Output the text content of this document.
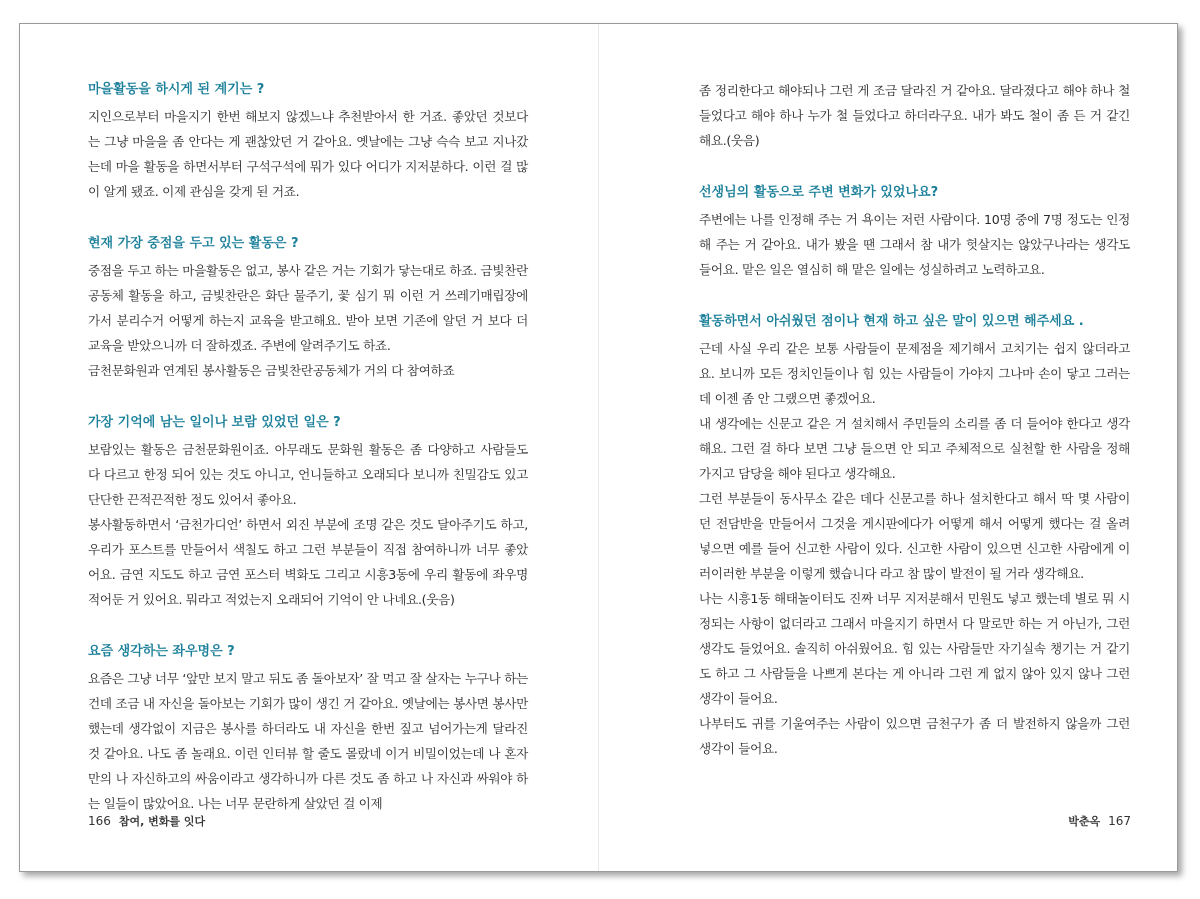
마을활동을 하시게 된 계기는 ?

지인으로부터 마을지기 한번 해보지 않겠느냐 추천받아서 한 거죠. 좋았던 것보다는 그냥 마을을 좀 안다는 게 괜찮았던 거 같아요. 옛날에는 그냥 슥슥 보고 지나갔는데 마을 활동을 하면서부터 구석구석에 뭐가 있다 어디가 지저분하다. 이런 걸 많이 알게 됐죠. 이제 관심을 갖게 된 거죠.

현재 가장 중점을 두고 있는 활동은 ?

중점을 두고 하는 마을활동은 없고, 봉사 같은 거는 기회가 닿는대로 하죠. 금빛찬란 공동체 활동을 하고, 금빛찬란은 화단 물주기, 꽃 심기 뭐 이런 거 쓰레기매립장에 가서 분리수거 어떻게 하는지 교육을 받고해요. 받아 보면 기존에 알던 거 보다 더 교육을 받았으니까 더 잘하겠죠. 주변에 알려주기도 하죠.

금천문화원과 연계된 봉사활동은 금빛찬란공동체가 거의 다 참여하죠

가장 기억에 남는 일이나 보람 있었던 일은 ?

보람있는 활동은 금천문화원이죠. 아무래도 문화원 활동은 좀 다양하고 사람들도 다 다르고 한정 되어 있는 것도 아니고, 언니들하고 오래되다 보니까 친밀감도 있고 단단한 끈적끈적한 정도 있어서 좋아요.

봉사활동하면서 ‘금천가디언’ 하면서 외진 부분에 조명 같은 것도 달아주기도 하고, 우리가 포스트를 만들어서 색칠도 하고 그런 부분들이 직접 참여하니까 너무 좋았어요. 금연 지도도 하고 금연 포스터 벽화도 그리고 시흥3동에 우리 활동에 좌우명 적어둔 거 있어요. 뭐라고 적었는지 오래되어 기억이 안 나네요.(웃음)

요즘 생각하는 좌우명은 ?

요즘은 그냥 너무 ‘앞만 보지 말고 뒤도 좀 돌아보자’ 잘 먹고 잘 살자는 누구나 하는 건데 조금 내 자신을 돌아보는 기회가 많이 생긴 거 같아요. 옛날에는 봉사면 봉사만 했는데 생각없이 지금은 봉사를 하더라도 내 자신을 한번 짚고 넘어가는게 달라진 것 같아요. 나도 좀 놀래요. 이런 인터뷰 할 줄도 몰랐네 이거 비밀이었는데 나 혼자만의 나 자신하고의 싸움이라고 생각하니까 다른 것도 좀 하고 나 자신과 싸워야 하는 일들이 많았어요. 나는 너무 문란하게 살았던 걸 이제

166 참여, 변화를 잇다

좀 정리한다고 해야되나 그런 게 조금 달라진 거 같아요. 달라졌다고 해야 하나 철 들었다고 해야 하나 누가 철 들었다고 하더라구요. 내가 봐도 철이 좀 든 거 같긴 해요.(웃음)

선생님의 활동으로 주변 변화가 있었나요?

주변에는 나를 인정해 주는 거 욕이는 저런 사람이다. 10명 중에 7명 정도는 인정해 주는 거 같아요. 내가 봤을 땐 그래서 참 내가 헛살지는 않았구나라는 생각도 들어요. 맡은 일은 열심히 해 맡은 일에는 성실하려고 노력하고요.

활동하면서 아쉬웠던 점이나 현재 하고 싶은 말이 있으면 해주세요 .

근데 사실 우리 같은 보통 사람들이 문제점을 제기해서 고치기는 쉽지 않더라고요. 보니까 모든 정치인들이나 힘 있는 사람들이 가야지 그나마 손이 닿고 그러는데 이젠 좀 안 그랬으면 좋겠어요.

내 생각에는 신문고 같은 거 설치해서 주민들의 소리를 좀 더 들어야 한다고 생각해요. 그런 걸 하다 보면 그냥 들으면 안 되고 주체적으로 실천할 한 사람을 정해가지고 담당을 해야 된다고 생각해요.

그런 부분들이 동사무소 같은 데다 신문고를 하나 설치한다고 해서 딱 몇 사람이던 전담반을 만들어서 그것을 게시판에다가 어떻게 해서 어떻게 했다는 걸 올려 넣으면 예를 들어 신고한 사람이 있다. 신고한 사람이 있으면 신고한 사람에게 이러이러한 부분을 이렇게 했습니다 라고 참 많이 발전이 될 거라 생각해요.

나는 시흥1동 해태놀이터도 진짜 너무 지저분해서 민원도 넣고 했는데 별로 뭐 시정되는 사항이 없더라고 그래서 마을지기 하면서 다 말로만 하는 거 아닌가, 그런 생각도 들었어요. 솔직히 아쉬웠어요. 힘 있는 사람들만 자기실속 챙기는 거 같기도 하고 그 사람들을 나쁘게 본다는 게 아니라 그런 게 없지 않아 있지 않나 그런 생각이 들어요.

나부터도 귀를 기울여주는 사람이 있으면 금천구가 좀 더 발전하지 않을까 그런 생각이 들어요.

박춘옥 167
